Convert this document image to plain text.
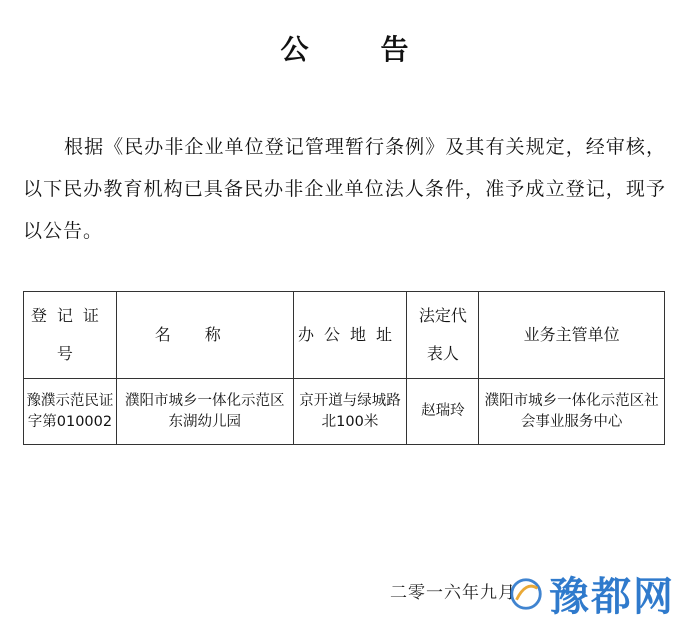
公告
根据《民办非企业单位登记管理暂行条例》及其有关规定，经审核，以下民办教育机构已具备民办非企业单位法人条件，准予成立登记，现予以公告。
登记证号	名称	办公地址	法定代表人	业务主管单位
豫濮示范民证字第010002	濮阳市城乡一体化示范区东湖幼儿园	京开道与绿城路北100米	赵瑞玲	濮阳市城乡一体化示范区社会事业服务中心
二零一六年九月 豫都网
